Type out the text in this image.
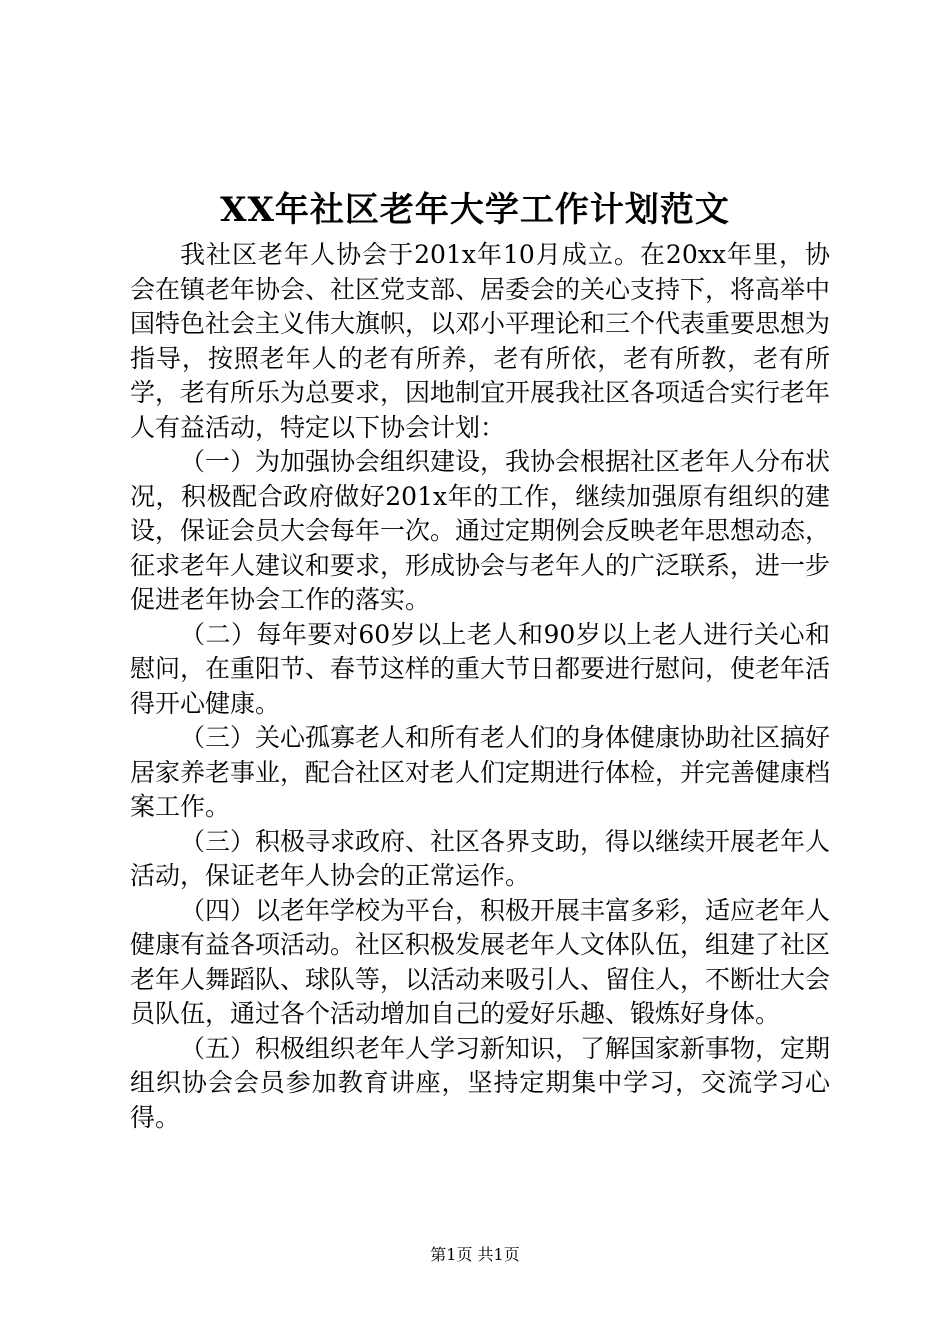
XX年社区老年大学工作计划范文

我社区老年人协会于201x年10月成立。在20xx年里，协会在镇老年协会、社区党支部、居委会的关心支持下，将高举中国特色社会主义伟大旗帜，以邓小平理论和三个代表重要思想为指导，按照老年人的老有所养，老有所依，老有所教，老有所学，老有所乐为总要求，因地制宜开展我社区各项适合实行老年人有益活动，特定以下协会计划：

（一）为加强协会组织建设，我协会根据社区老年人分布状况，积极配合政府做好201x年的工作，继续加强原有组织的建设，保证会员大会每年一次。通过定期例会反映老年思想动态，征求老年人建议和要求，形成协会与老年人的广泛联系，进一步促进老年协会工作的落实。

（二）每年要对60岁以上老人和90岁以上老人进行关心和慰问，在重阳节、春节这样的重大节日都要进行慰问，使老年活得开心健康。

（三）关心孤寡老人和所有老人们的身体健康协助社区搞好居家养老事业，配合社区对老人们定期进行体检，并完善健康档案工作。

（三）积极寻求政府、社区各界支助，得以继续开展老年人活动，保证老年人协会的正常运作。

（四）以老年学校为平台，积极开展丰富多彩，适应老年人健康有益各项活动。社区积极发展老年人文体队伍，组建了社区老年人舞蹈队、球队等，以活动来吸引人、留住人，不断壮大会员队伍，通过各个活动增加自己的爱好乐趣、锻炼好身体。

（五）积极组织老年人学习新知识，了解国家新事物，定期组织协会会员参加教育讲座，坚持定期集中学习，交流学习心得。

第1页 共1页
